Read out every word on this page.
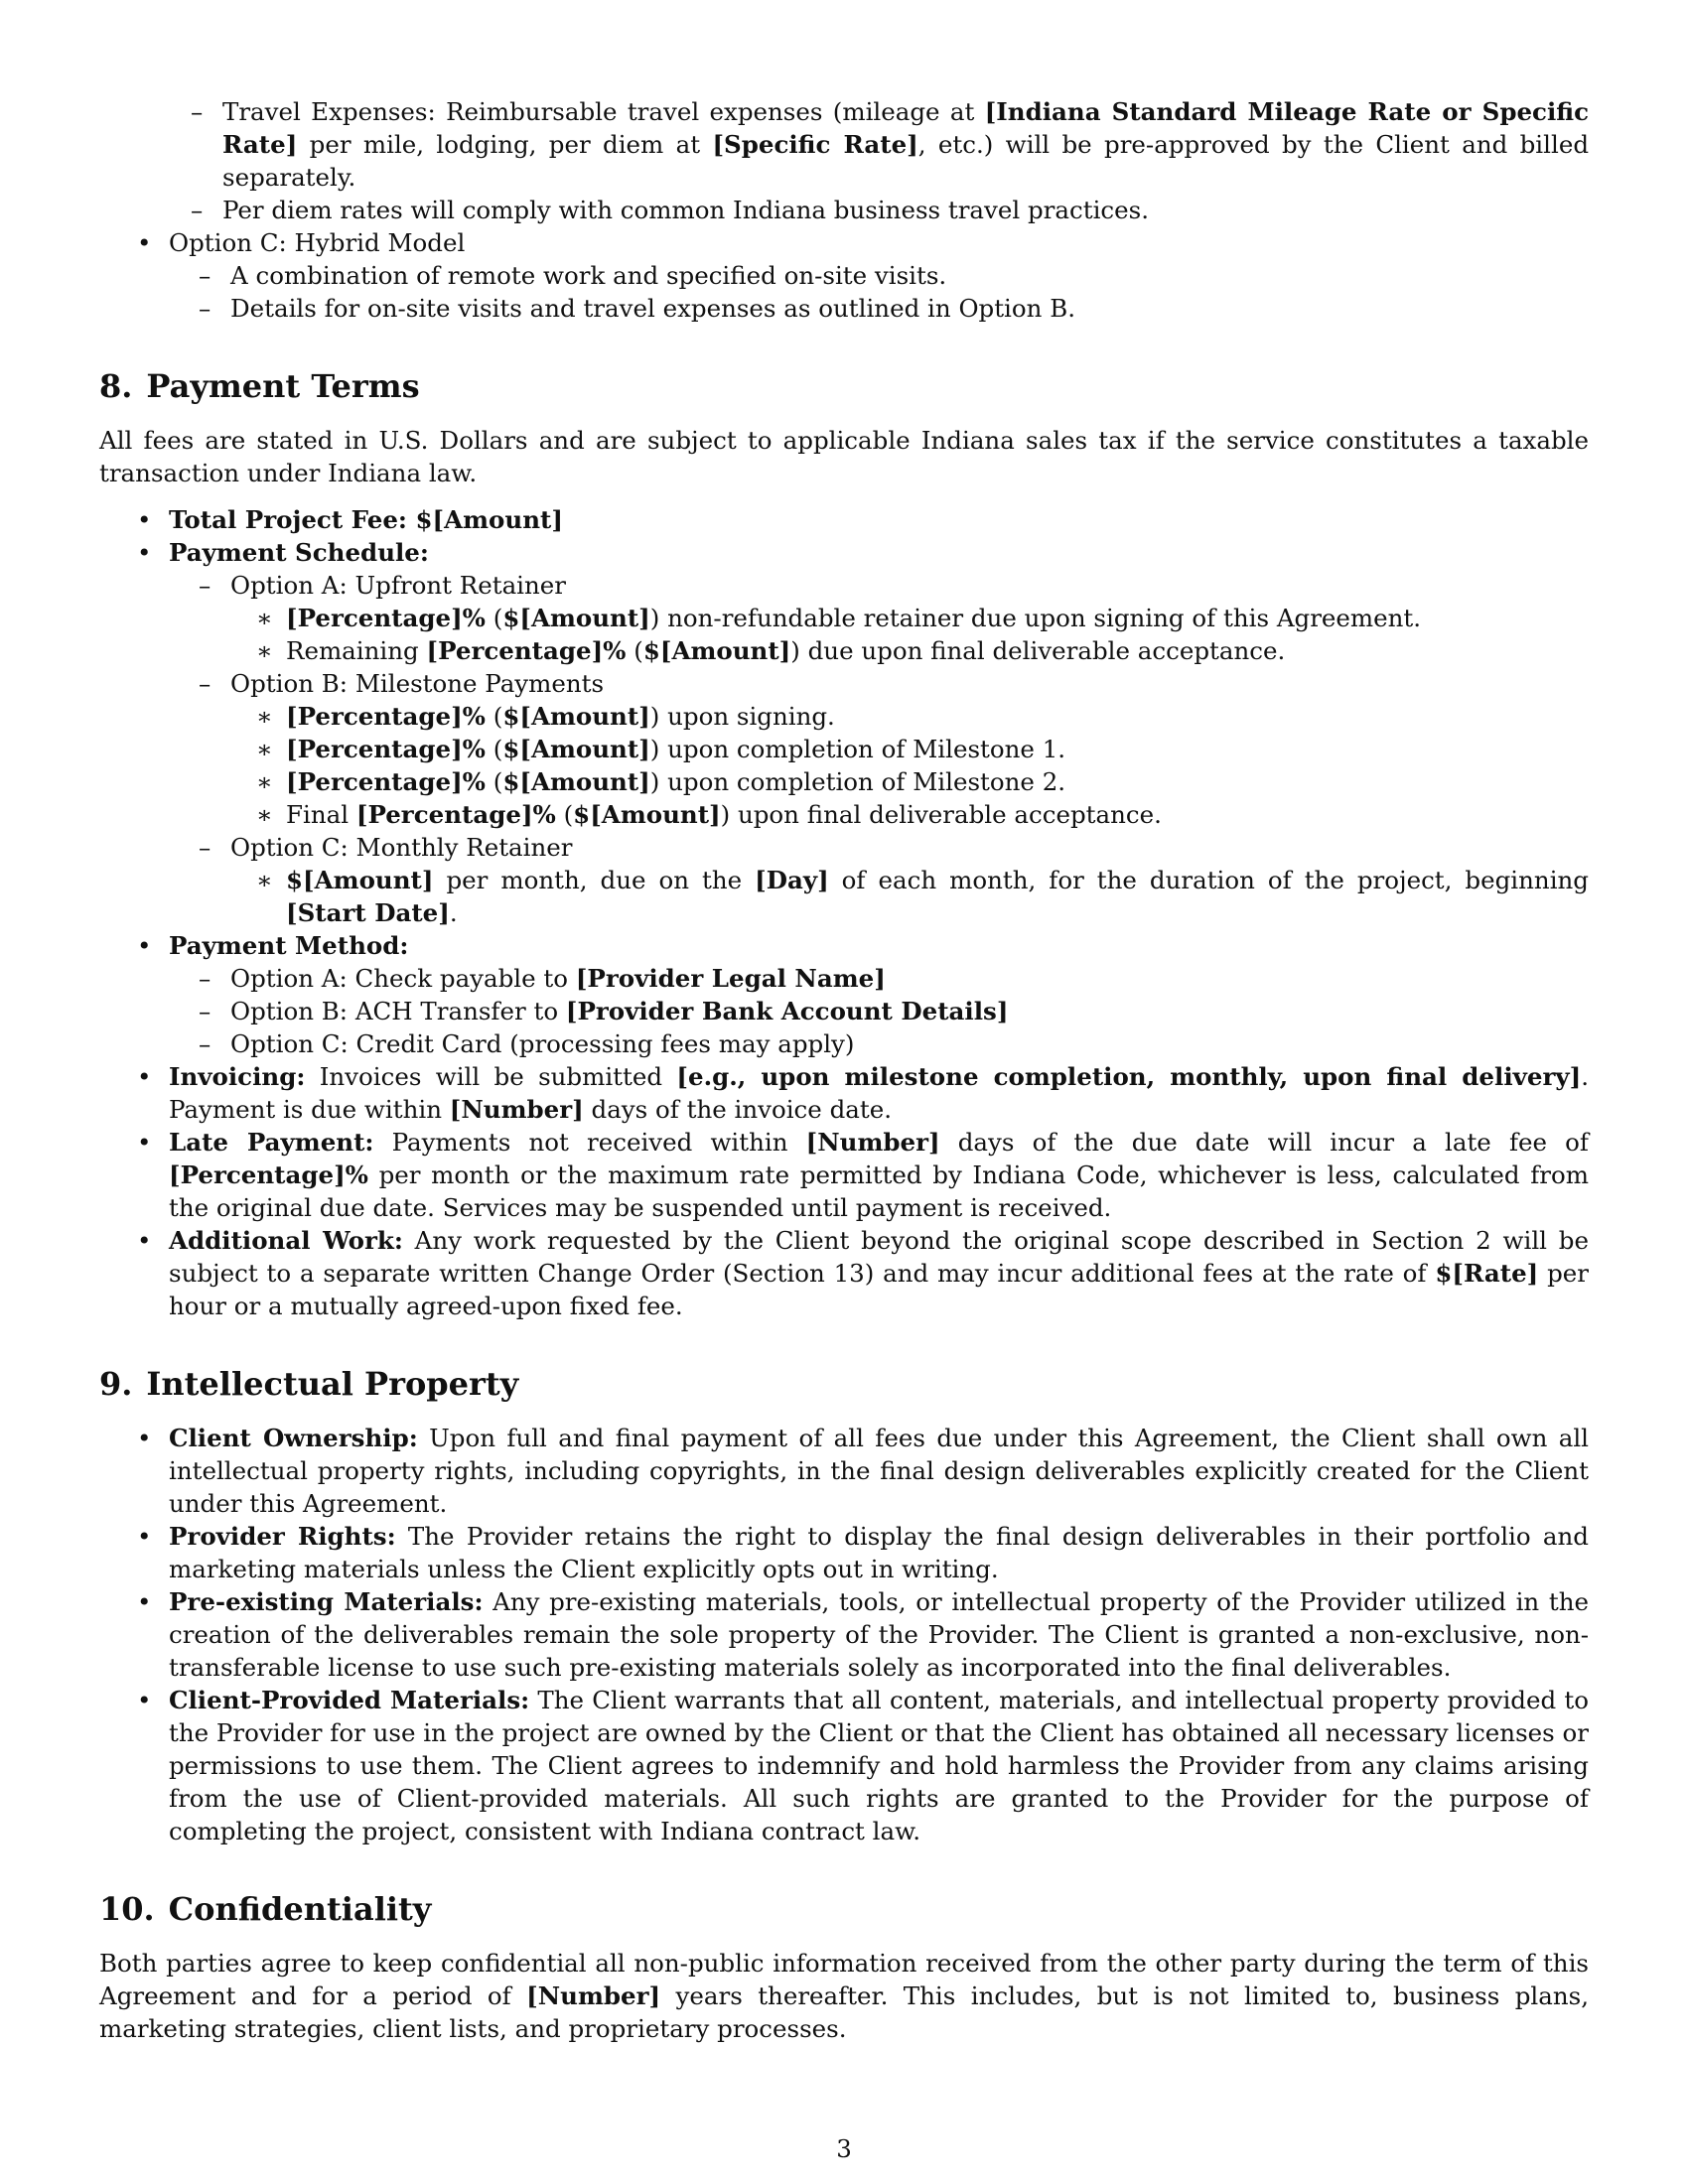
– Travel Expenses: Reimbursable travel expenses (mileage at [Indiana Standard Mileage Rate or Specific Rate] per mile, lodging, per diem at [Specific Rate], etc.) will be pre-approved by the Client and billed separately.
– Per diem rates will comply with common Indiana business travel practices.
• Option C: Hybrid Model
– A combination of remote work and specified on-site visits.
– Details for on-site visits and travel expenses as outlined in Option B.
8. Payment Terms

All fees are stated in U.S. Dollars and are subject to applicable Indiana sales tax if the service constitutes a taxable transaction under Indiana law.

• Total Project Fee: $[Amount]
• Payment Schedule:
– Option A: Upfront Retainer
∗ [Percentage]% ($[Amount]) non-refundable retainer due upon signing of this Agreement.
∗ Remaining [Percentage]% ($[Amount]) due upon final deliverable acceptance.
– Option B: Milestone Payments
∗ [Percentage]% ($[Amount]) upon signing.
∗ [Percentage]% ($[Amount]) upon completion of Milestone 1.
∗ [Percentage]% ($[Amount]) upon completion of Milestone 2.
∗ Final [Percentage]% ($[Amount]) upon final deliverable acceptance.
– Option C: Monthly Retainer
∗ $[Amount] per month, due on the [Day] of each month, for the duration of the project, beginning [Start Date].
• Payment Method:
– Option A: Check payable to [Provider Legal Name]
– Option B: ACH Transfer to [Provider Bank Account Details]
– Option C: Credit Card (processing fees may apply)
• Invoicing: Invoices will be submitted [e.g., upon milestone completion, monthly, upon final delivery]. Payment is due within [Number] days of the invoice date.
• Late Payment: Payments not received within [Number] days of the due date will incur a late fee of [Percentage]% per month or the maximum rate permitted by Indiana Code, whichever is less, calculated from the original due date. Services may be suspended until payment is received.
• Additional Work: Any work requested by the Client beyond the original scope described in Section 2 will be subject to a separate written Change Order (Section 13) and may incur additional fees at the rate of $[Rate] per hour or a mutually agreed-upon fixed fee.
9. Intellectual Property
• Client Ownership: Upon full and final payment of all fees due under this Agreement, the Client shall own all intellectual property rights, including copyrights, in the final design deliverables explicitly created for the Client under this Agreement.
• Provider Rights: The Provider retains the right to display the final design deliverables in their portfolio and marketing materials unless the Client explicitly opts out in writing.
• Pre-existing Materials: Any pre-existing materials, tools, or intellectual property of the Provider utilized in the creation of the deliverables remain the sole property of the Provider. The Client is granted a non-exclusive, non-transferable license to use such pre-existing materials solely as incorporated into the final deliverables.
• Client-Provided Materials: The Client warrants that all content, materials, and intellectual property provided to the Provider for use in the project are owned by the Client or that the Client has obtained all necessary licenses or permissions to use them. The Client agrees to indemnify and hold harmless the Provider from any claims arising from the use of Client-provided materials. All such rights are granted to the Provider for the purpose of completing the project, consistent with Indiana contract law.
10. Confidentiality

Both parties agree to keep confidential all non-public information received from the other party during the term of this Agreement and for a period of [Number] years thereafter. This includes, but is not limited to, business plans, marketing strategies, client lists, and proprietary processes.

3
